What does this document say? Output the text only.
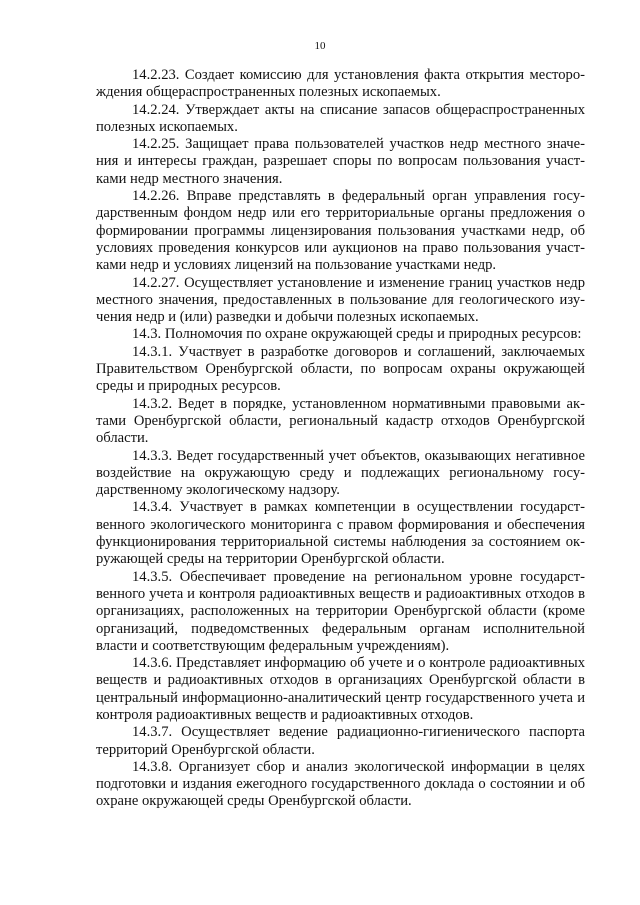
10

14.2.23. Создает комиссию для установления факта открытия месторождения общераспространенных полезных ископаемых.

14.2.24. Утверждает акты на списание запасов общераспространенных полезных ископаемых.

14.2.25. Защищает права пользователей участков недр местного значения и интересы граждан, разрешает споры по вопросам пользования участками недр местного значения.

14.2.26. Вправе представлять в федеральный орган управления государственным фондом недр или его территориальные органы предложения о формировании программы лицензирования пользования участками недр, об условиях проведения конкурсов или аукционов на право пользования участками недр и условиях лицензий на пользование участками недр.

14.2.27. Осуществляет установление и изменение границ участков недр местного значения, предоставленных в пользование для геологического изучения недр и (или) разведки и добычи полезных ископаемых.

14.3. Полномочия по охране окружающей среды и природных ресурсов:

14.3.1. Участвует в разработке договоров и соглашений, заключаемых Правительством Оренбургской области, по вопросам охраны окружающей среды и природных ресурсов.

14.3.2. Ведет в порядке, установленном нормативными правовыми актами Оренбургской области, региональный кадастр отходов Оренбургской области.

14.3.3. Ведет государственный учет объектов, оказывающих негативное воздействие на окружающую среду и подлежащих региональному государственному экологическому надзору.

14.3.4. Участвует в рамках компетенции в осуществлении государственного экологического мониторинга с правом формирования и обеспечения функционирования территориальной системы наблюдения за состоянием окружающей среды на территории Оренбургской области.

14.3.5. Обеспечивает проведение на региональном уровне государственного учета и контроля радиоактивных веществ и радиоактивных отходов в организациях, расположенных на территории Оренбургской области (кроме организаций, подведомственных федеральным органам исполнительной власти и соответствующим федеральным учреждениям).

14.3.6. Представляет информацию об учете и о контроле радиоактивных веществ и радиоактивных отходов в организациях Оренбургской области в центральный информационно-аналитический центр государственного учета и контроля радиоактивных веществ и радиоактивных отходов.

14.3.7. Осуществляет ведение радиационно-гигиенического паспорта территорий Оренбургской области.

14.3.8. Организует сбор и анализ экологической информации в целях подготовки и издания ежегодного государственного доклада о состоянии и об охране окружающей среды Оренбургской области.
